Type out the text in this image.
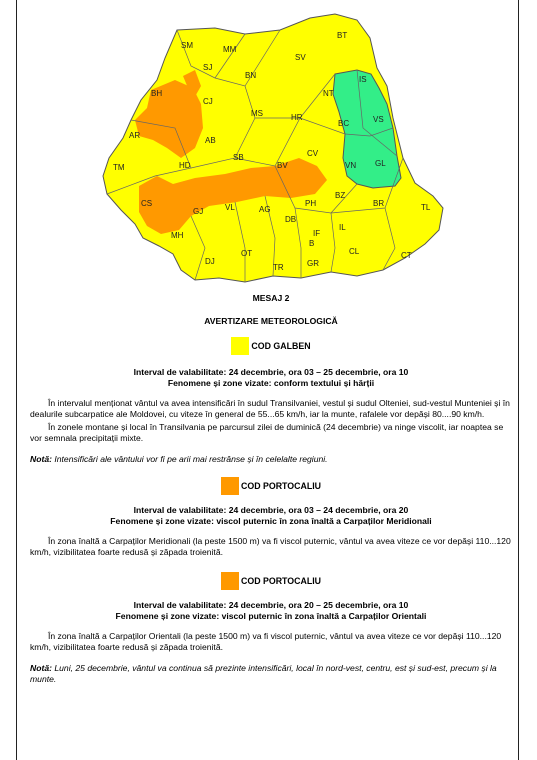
SM	MM
BT
SV
SJ
BN
BH
CJ
NT
IS
AR
AB
MS	HR
BC	VS
TM
SB
BV
CV
VN GL
CS
HD
GJ	VL	AG
PH
BZ
BR	TL
MH
DB
IL
DJ
OT
TR	GR
B
CL	CT
IF
MESAJ 2
AVERTIZARE METEOROLOGICĂ
COD GALBEN
Interval de valabilitate: 24 decembrie, ora 03 – 25 decembrie, ora 10
Fenomene și zone vizate: conform textului și hărții

În intervalul menționat vântul va avea intensificări în sudul Transilvaniei, vestul și sudul Olteniei, sud-vestul Munteniei și în dealurile subcarpatice ale Moldovei, cu viteze în general de 55...65 km/h, iar la munte, rafalele vor depăși 80....90 km/h.

În zonele montane și local în Transilvania pe parcursul zilei de duminică (24 decembrie) va ninge viscolit, iar noaptea se vor semnala precipitații mixte.

Notă: Intensificări ale vântului vor fi pe arii mai restrânse și în celelalte regiuni.

COD PORTOCALIU
Interval de valabilitate: 24 decembrie, ora 03 – 24 decembrie, ora 20
Fenomene și zone vizate: viscol puternic în zona înaltă a Carpaților Meridionali

În zona înaltă a Carpaților Meridionali (la peste 1500 m) va fi viscol puternic, vântul va avea viteze ce vor depăși 110...120 km/h, vizibilitatea foarte redusă și zăpada troienită.

COD PORTOCALIU
Interval de valabilitate: 24 decembrie, ora 20 – 25 decembrie, ora 10
Fenomene și zone vizate: viscol puternic în zona înaltă a Carpaților Orientali

În zona înaltă a Carpaților Orientali (la peste 1500 m) va fi viscol puternic, vântul va avea viteze ce vor depăși 110...120 km/h, vizibilitatea foarte redusă și zăpada troienită.

Notă: Luni, 25 decembrie, vântul va continua să prezinte intensificări, local în nord-vest, centru, est și sud-est, precum și la munte.
